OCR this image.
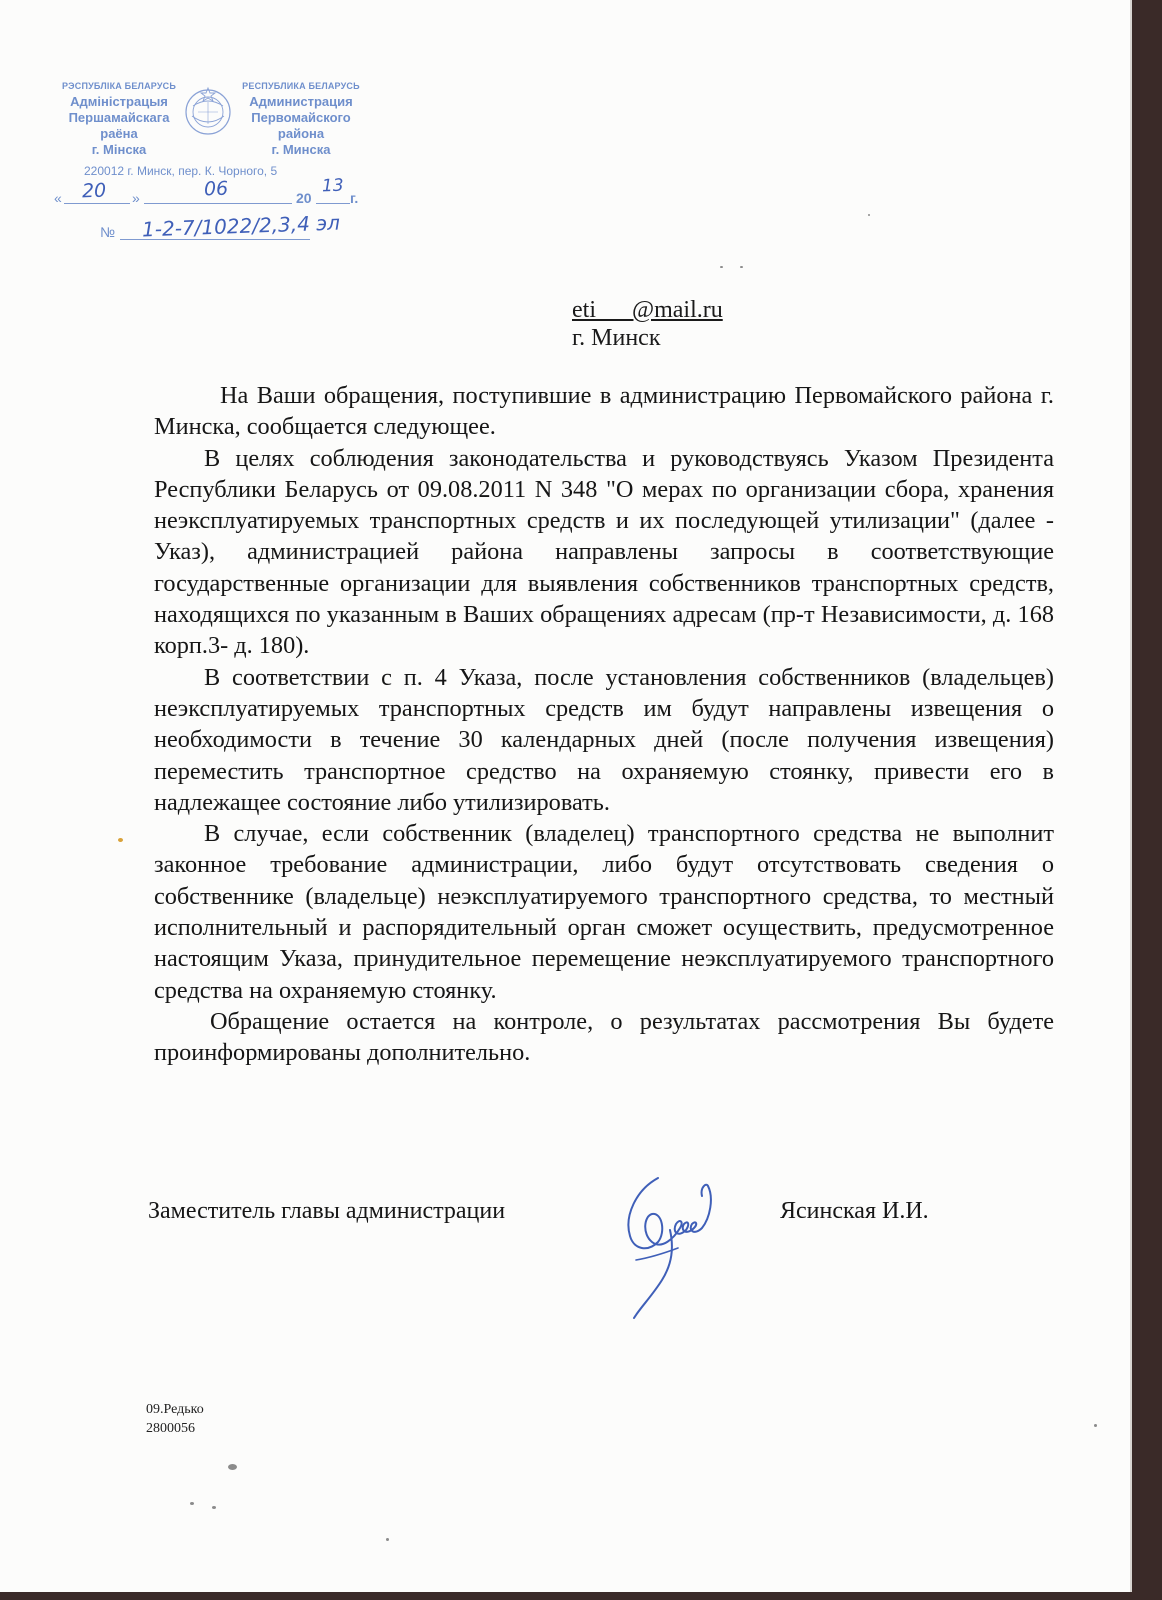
РЭСПУБЛІКА БЕЛАРУСЬ
Адміністрацыя
Першамайскага
раёна
г. Мінска
РЕСПУБЛИКА БЕЛАРУСЬ
Администрация
Первомайского
района
г. Минска
220012 г. Минск, пер. К. Чорного, 5
« 20 »	06	20
13
г.
№ 1-2-7/1022/2,3,4 эл
eti      @mail.ru
г. Минск

На Ваши обращения, поступившие в администрацию Первомайского района г. Минска, сообщается следующее.

В целях соблюдения законодательства и руководствуясь Указом Президента Республики Беларусь от 09.08.2011 N 348 "О мерах по организации сбора, хранения неэксплуатируемых транспортных средств и их последующей утилизации" (далее - Указ), администрацией района направлены запросы в соответствующие государственные организации для выявления собственников транспортных средств, находящихся по указанным в Ваших обращениях адресам (пр-т Независимости, д. 168 корп.3- д. 180).

В соответствии с п. 4 Указа, после установления собственников (владельцев) неэксплуатируемых транспортных средств им будут направлены извещения о необходимости в течение 30 календарных дней (после получения извещения) переместить транспортное средство на охраняемую стоянку, привести его в надлежащее состояние либо утилизировать.

В случае, если собственник (владелец) транспортного средства не выполнит законное требование администрации, либо будут отсутствовать сведения о собственнике (владельце) неэксплуатируемого транспортного средства, то местный исполнительный и распорядительный орган сможет осуществить, предусмотренное настоящим Указа, принудительное перемещение неэксплуатируемого транспортного средства на охраняемую стоянку.

Обращение остается на контроле, о результатах рассмотрения Вы будете проинформированы дополнительно.

Заместитель главы администрации	Ясинская И.И.
09.Редько
2800056
